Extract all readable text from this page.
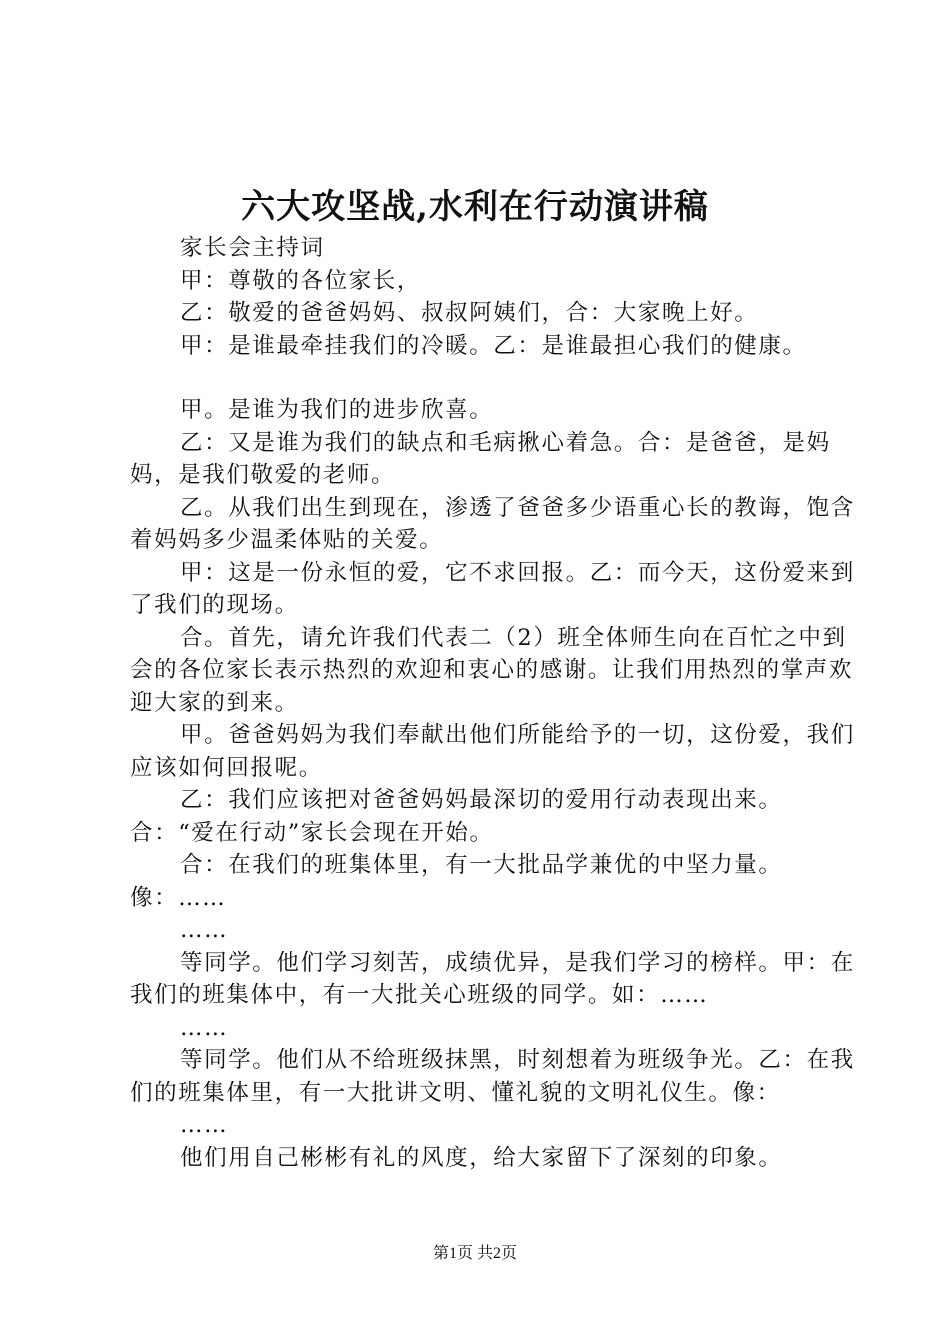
六大攻坚战,水利在行动演讲稿

家长会主持词

甲：尊敬的各位家长，

乙：敬爱的爸爸妈妈、叔叔阿姨们，合：大家晚上好。

甲：是谁最牵挂我们的冷暖。乙：是谁最担心我们的健康。

甲。是谁为我们的进步欣喜。

乙：又是谁为我们的缺点和毛病揪心着急。合：是爸爸，是妈妈，是我们敬爱的老师。

乙。从我们出生到现在，渗透了爸爸多少语重心长的教诲，饱含着妈妈多少温柔体贴的关爱。

甲：这是一份永恒的爱，它不求回报。乙：而今天，这份爱来到了我们的现场。

合。首先，请允许我们代表二（2）班全体师生向在百忙之中到会的各位家长表示热烈的欢迎和衷心的感谢。让我们用热烈的掌声欢迎大家的到来。

甲。爸爸妈妈为我们奉献出他们所能给予的一切，这份爱，我们应该如何回报呢。

乙：我们应该把对爸爸妈妈最深切的爱用行动表现出来。合：“爱在行动”家长会现在开始。

合：在我们的班集体里，有一大批品学兼优的中坚力量。像：……

……

等同学。他们学习刻苦，成绩优异，是我们学习的榜样。甲：在我们的班集体中，有一大批关心班级的同学。如：……

……

等同学。他们从不给班级抹黑，时刻想着为班级争光。乙：在我们的班集体里，有一大批讲文明、懂礼貌的文明礼仪生。像：

……

他们用自己彬彬有礼的风度，给大家留下了深刻的印象。

第1页 共2页
